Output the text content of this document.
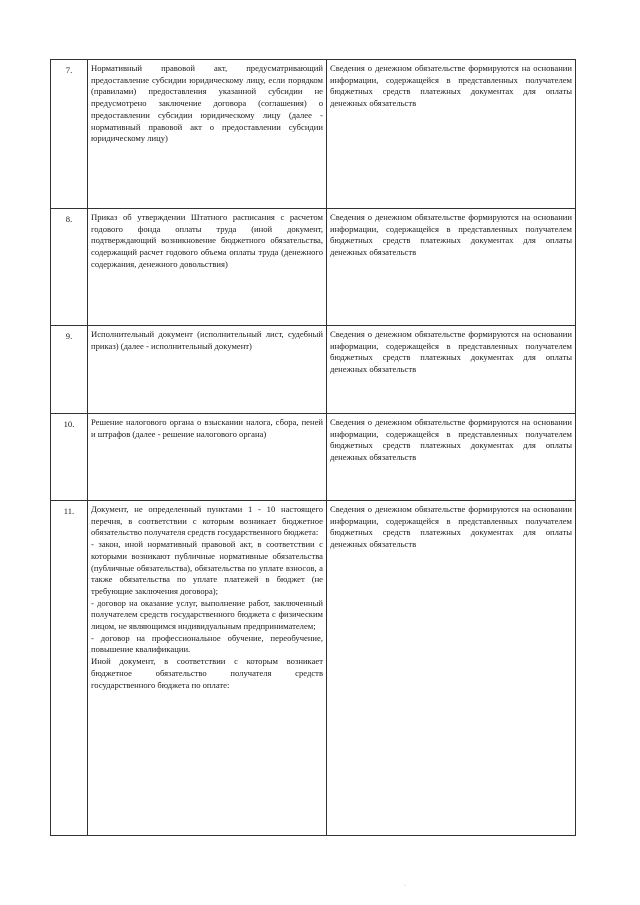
7.	Нормативный правовой акт, предусматривающий предоставление субсидии юридическому лицу, если порядком (правилами) предоставления указанной субсидии не предусмотрено заключение договора (соглашения) о предоставлении субсидии юридическому лицу (далее - нормативный правовой акт о предоставлении субсидии юридическому лицу)	Сведения о денежном обязательстве формируются на основании информации, содержащейся в представленных получателем бюджетных средств платежных документах для оплаты денежных обязательств
8.	Приказ об утверждении Штатного расписания с расчетом годового фонда оплаты труда (иной документ, подтверждающий возникновение бюджетного обязательства, содержащий расчет годового объема оплаты труда (денежного содержания, денежного довольствия)	Сведения о денежном обязательстве формируются на основании информации, содержащейся в представленных получателем бюджетных средств платежных документах для оплаты денежных обязательств
9.	Исполнительный документ (исполнительный лист, судебный приказ) (далее - исполнительный документ)	Сведения о денежном обязательстве формируются на основании информации, содержащейся в представленных получателем бюджетных средств платежных документах для оплаты денежных обязательств
10.	Решение налогового органа о взыскании налога, сбора, пеней и штрафов (далее - решение налогового органа)	Сведения о денежном обязательстве формируются на основании информации, содержащейся в представленных получателем бюджетных средств платежных документах для оплаты денежных обязательств
11.	Документ, не определенный пунктами 1 - 10 настоящего перечня, в соответствии с которым возникает бюджетное обязательство получателя средств государственного бюджета:
- закон, иной нормативный правовой акт, в соответствии с которыми возникают публичные нормативные обязательства (публичные обязательства), обязательства по уплате взносов, а также обязательства по уплате платежей в бюджет (не требующие заключения договора);
- договор на оказание услуг, выполнение работ, заключенный получателем средств государственного бюджета с физическим лицом, не являющимся индивидуальным предпринимателем;
- договор на профессиональное обучение, переобучение, повышение квалификации.
Иной документ, в соответствии с которым возникает бюджетное обязательство получателя средств государственного бюджета по оплате:	Сведения о денежном обязательстве формируются на основании информации, содержащейся в представленных получателем бюджетных средств платежных документах для оплаты денежных обязательств
·
